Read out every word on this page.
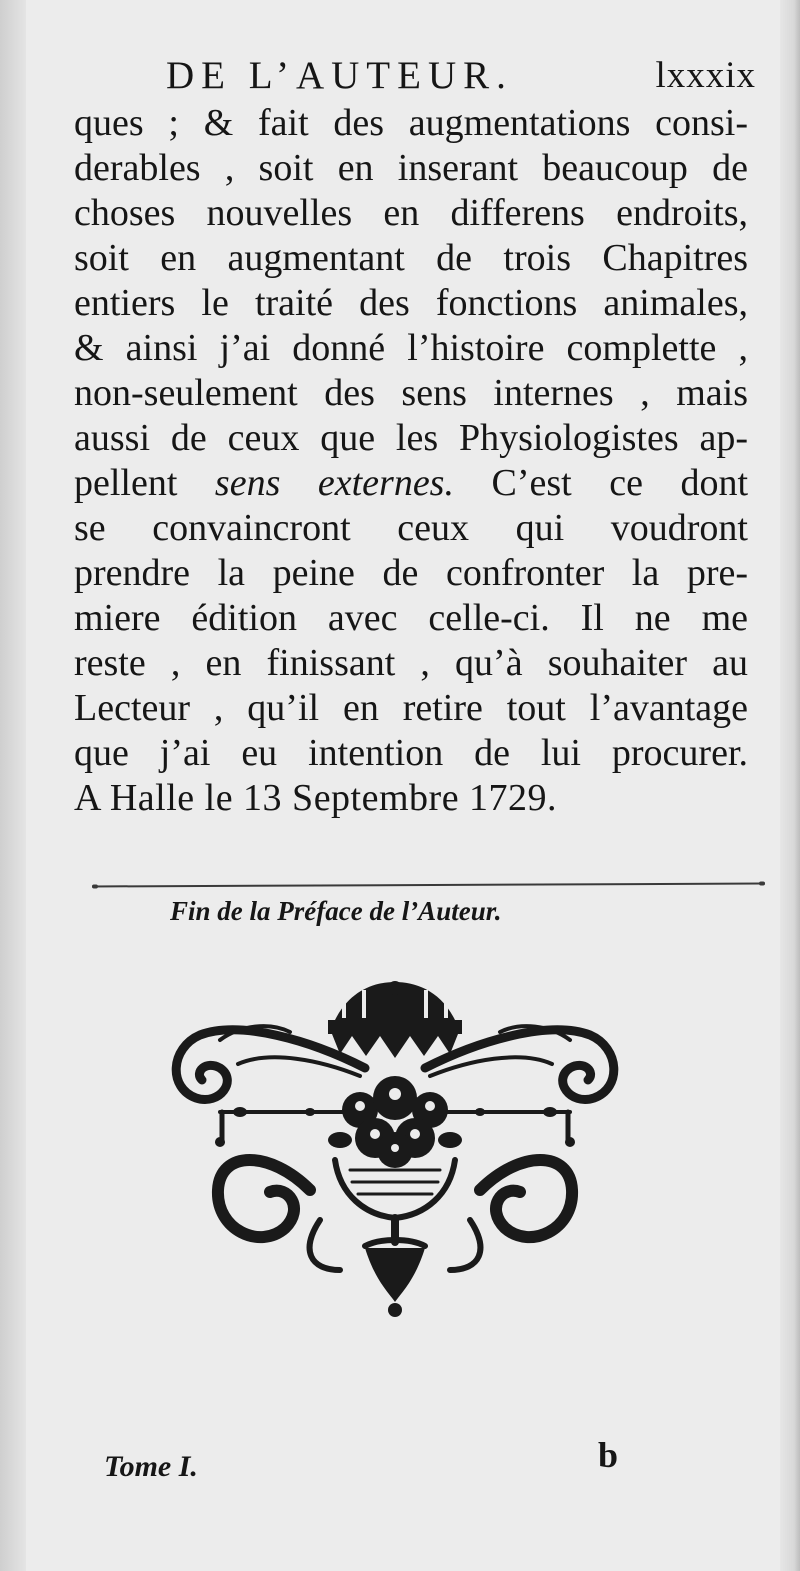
DE L’AUTEUR.	lxxxix
ques ; & fait des augmentations consi-
derables , soit en inserant beaucoup de
choses nouvelles en differens endroits,
soit en augmentant de trois Chapitres
entiers le traité des fonctions animales,
& ainsi j’ai donné l’histoire complette ,
non-seulement des sens internes , mais
aussi de ceux que les Physiologistes ap-
pellent sens externes. C’est ce dont
se convaincront ceux qui voudront
prendre la peine de confronter la pre-
miere édition avec celle-ci. Il ne me
reste , en finissant , qu’à souhaiter au
Lecteur , qu’il en retire tout l’avantage
que j’ai eu intention de lui procurer.
A Halle le 13 Septembre 1729.
Fin de la Préface de l’Auteur.
Tome I.	b
